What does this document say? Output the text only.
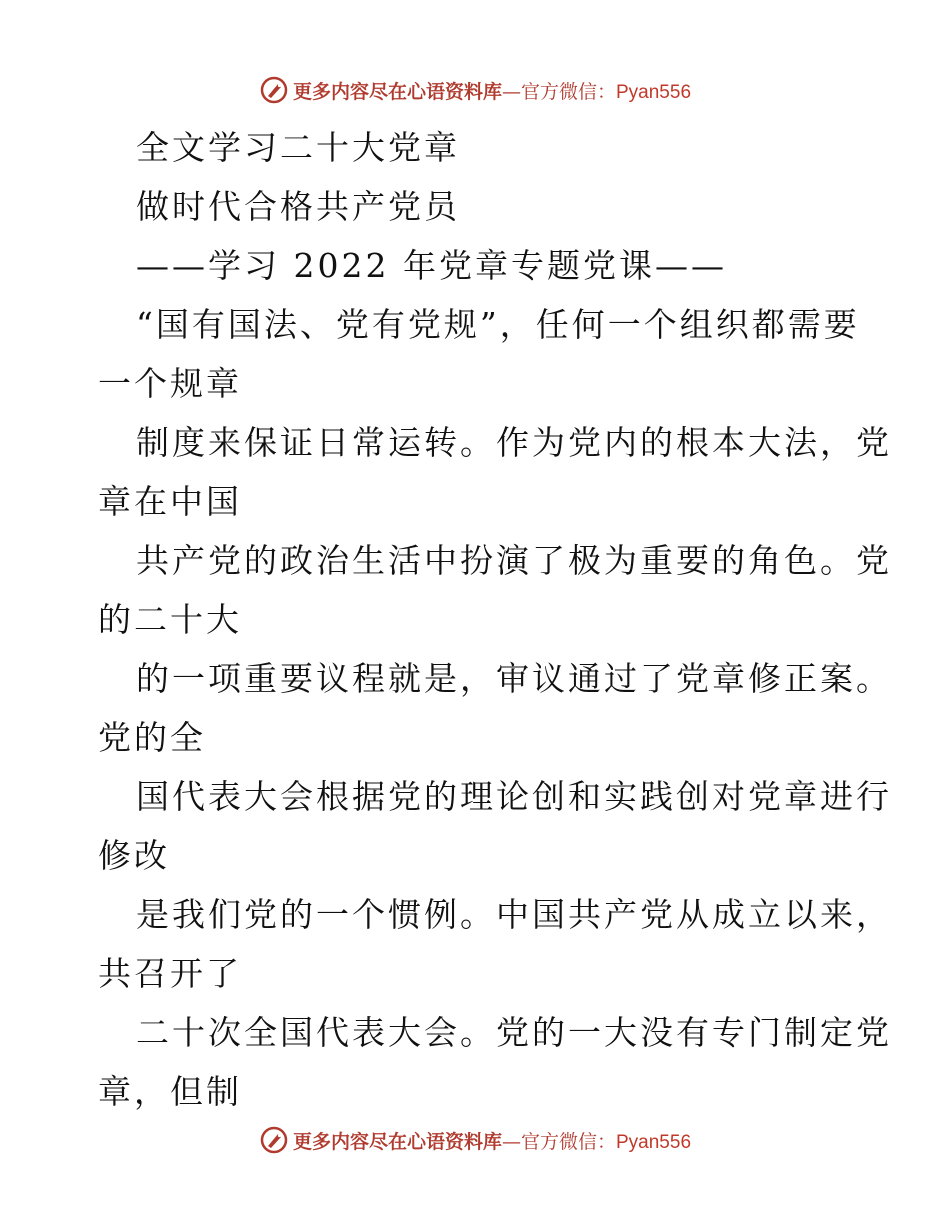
更多内容尽在心语资料库—官方微信：Pyan556
全文学习二十大党章
做时代合格共产党员
——学习 2022 年党章专题党课——
“国有国法、党有党规”，任何一个组织都需要
一个规章
制度来保证日常运转。作为党内的根本大法，党
章在中国
共产党的政治生活中扮演了极为重要的角色。党
的二十大
的一项重要议程就是，审议通过了党章修正案。
党的全
国代表大会根据党的理论创和实践创对党章进行
修改
是我们党的一个惯例。中国共产党从成立以来，
共召开了
二十次全国代表大会。党的一大没有专门制定党
章，但制
更多内容尽在心语资料库—官方微信：Pyan556
